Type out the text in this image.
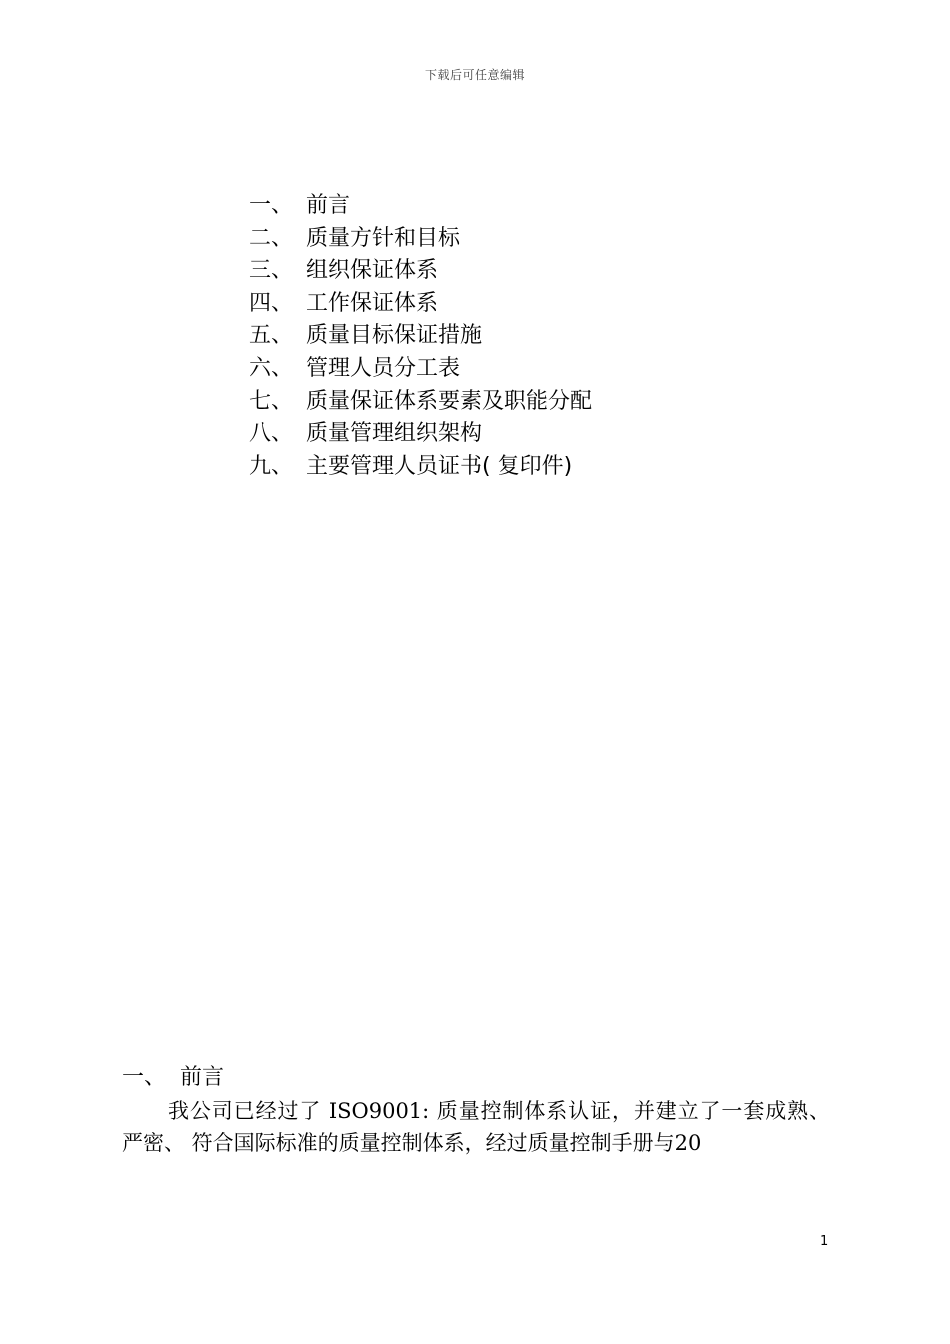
下载后可任意编辑
一、 前言
二、 质量方针和目标
三、 组织保证体系
四、 工作保证体系
五、 质量目标保证措施
六、 管理人员分工表
七、 质量保证体系要素及职能分配
八、 质量管理组织架构
九、 主要管理人员证书( 复印件)
一、 前言

我公司已经过了 ISO9001: 质量控制体系认证，并建立了一套成熟、 严密、 符合国际标准的质量控制体系，经过质量控制手册与20

1
